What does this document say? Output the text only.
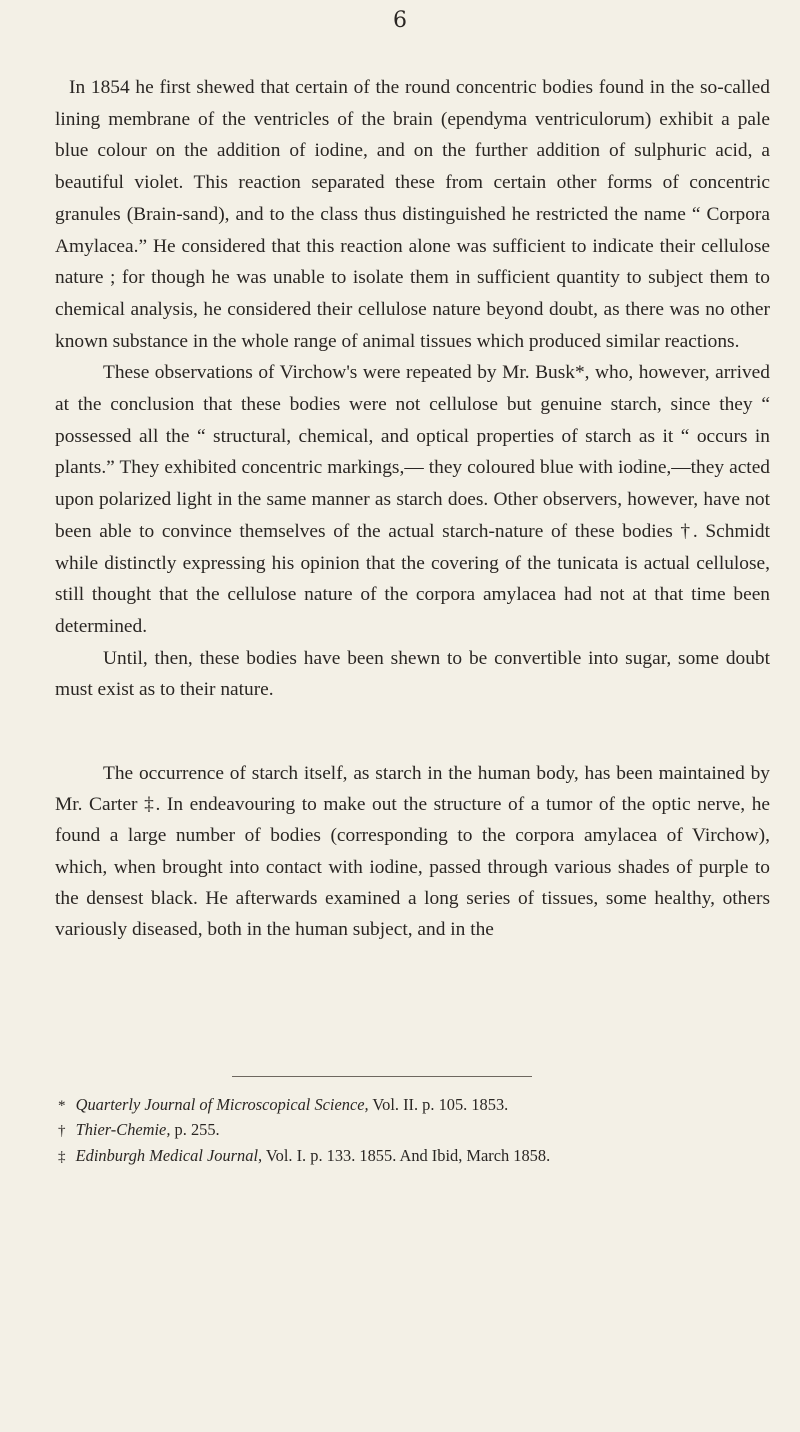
6

In 1854 he first shewed that certain of the round concentric bodies found in the so-called lining membrane of the ventricles of the brain (ependyma ventriculorum) exhibit a pale blue colour on the addition of iodine, and on the further addition of sulphuric acid, a beautiful violet. This reaction separated these from certain other forms of concentric granules (Brain-sand), and to the class thus distinguished he restricted the name “ Corpora Amylacea.” He considered that this reaction alone was sufficient to indicate their cellulose nature ; for though he was unable to isolate them in sufficient quantity to subject them to chemical analysis, he considered their cellulose nature beyond doubt, as there was no other known substance in the whole range of animal tissues which produced similar reactions.

These observations of Virchow's were repeated by Mr. Busk*, who, however, arrived at the conclusion that these bodies were not cellulose but genuine starch, since they “ possessed all the “ structural, chemical, and optical properties of starch as it “ occurs in plants.” They exhibited concentric markings,— they coloured blue with iodine,—they acted upon polarized light in the same manner as starch does. Other observers, however, have not been able to convince themselves of the actual starch-nature of these bodies †. Schmidt while distinctly expressing his opinion that the covering of the tunicata is actual cellulose, still thought that the cellulose nature of the corpora amylacea had not at that time been determined.

Until, then, these bodies have been shewn to be convertible into sugar, some doubt must exist as to their nature.

The occurrence of starch itself, as starch in the human body, has been maintained by Mr. Carter ‡. In endeavouring to make out the structure of a tumor of the optic nerve, he found a large number of bodies (corresponding to the corpora amylacea of Virchow), which, when brought into contact with iodine, passed through various shades of purple to the densest black. He afterwards examined a long series of tissues, some healthy, others variously diseased, both in the human subject, and in the

* Quarterly Journal of Microscopical Science, Vol. II. p. 105. 1853.

† Thier-Chemie, p. 255.

‡ Edinburgh Medical Journal, Vol. I. p. 133. 1855. And Ibid, March 1858.
